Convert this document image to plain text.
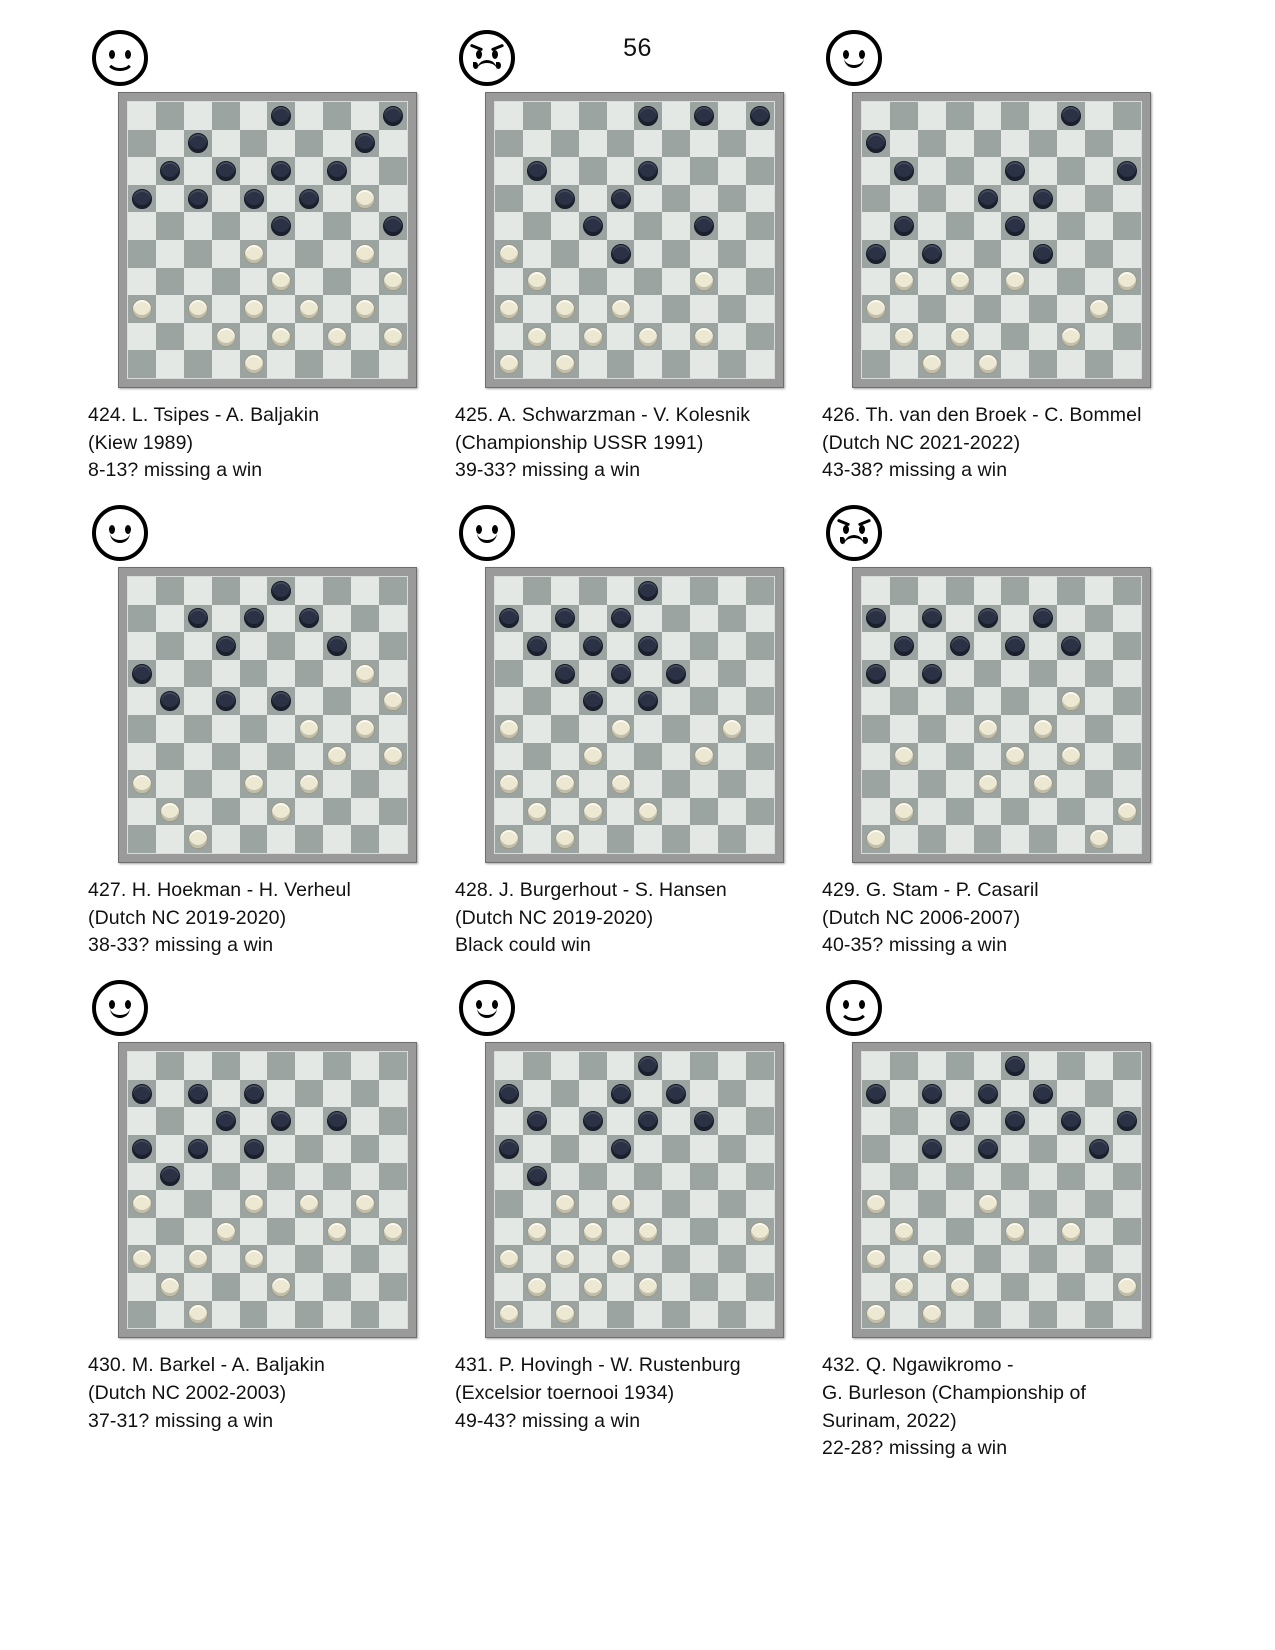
56
424. L. Tsipes - A. Baljakin
(Kiew 1989)
8-13? missing a win
425. A. Schwarzman - V. Kolesnik
(Championship USSR 1991)
39-33? missing a win
426. Th. van den Broek - C. Bommel
(Dutch NC 2021-2022)
43-38? missing a win
427. H. Hoekman - H. Verheul
(Dutch NC 2019-2020)
38-33? missing a win
428. J. Burgerhout - S. Hansen
(Dutch NC 2019-2020)
Black could win
429. G. Stam - P. Casaril
(Dutch NC 2006-2007)
40-35? missing a win
430. M. Barkel - A. Baljakin
(Dutch NC 2002-2003)
37-31? missing a win
431. P. Hovingh - W. Rustenburg
(Excelsior toernooi 1934)
49-43? missing a win
432. Q. Ngawikromo -
G. Burleson (Championship of
Surinam, 2022)
22-28? missing a win
